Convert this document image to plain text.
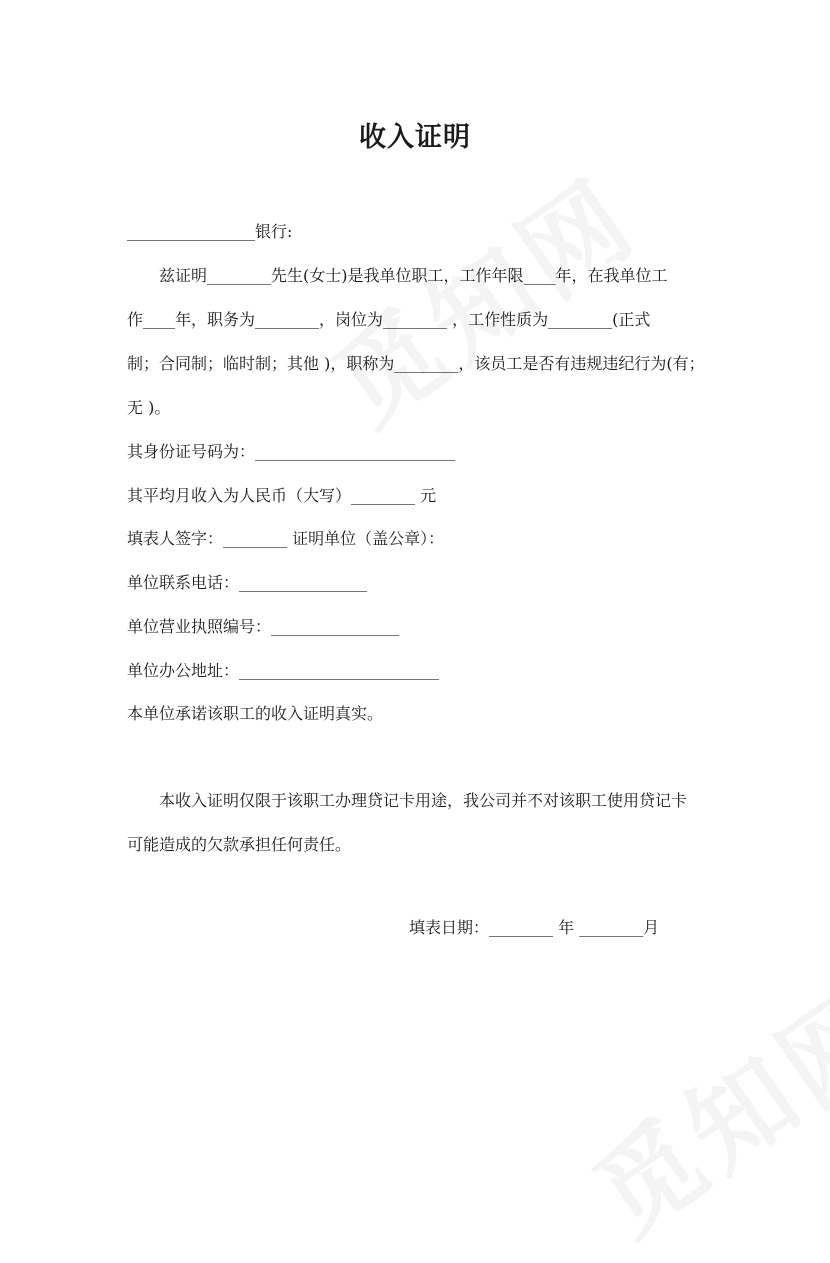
收入证明
________________银行:
兹证明________先生(女士)是我单位职工，工作年限____年，在我单位工
作____年，职务为________，岗位为________ ，工作性质为________(正式
制；合同制；临时制；其他 )，职称为________，该员工是否有违规违纪行为(有；
无 )。
其身份证号码为：_________________________
其平均月收入为人民币（大写）________ 元
填表人签字：________ 证明单位（盖公章）：
单位联系电话：________________
单位营业执照编号：________________
单位办公地址：_________________________
本单位承诺该职工的收入证明真实。
本收入证明仅限于该职工办理贷记卡用途，我公司并不对该职工使用贷记卡
可能造成的欠款承担任何责任。
填表日期：________ 年 ________月
